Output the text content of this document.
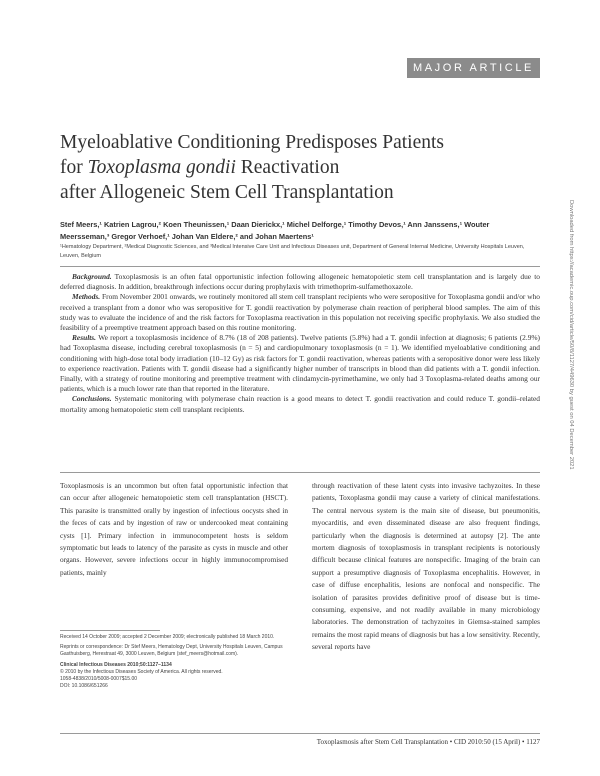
MAJOR ARTICLE
Myeloablative Conditioning Predisposes Patients
for Toxoplasma gondii Reactivation
after Allogeneic Stem Cell Transplantation
Stef Meers,¹ Katrien Lagrou,² Koen Theunissen,¹ Daan Dierickx,¹ Michel Delforge,¹ Timothy Devos,¹ Ann Janssens,¹ Wouter Meersseman,³ Gregor Verhoef,¹ Johan Van Eldere,² and Johan Maertens¹
¹Hematology Department, ²Medical Diagnostic Sciences, and ³Medical Intensive Care Unit and Infectious Diseases unit, Department of General Internal Medicine, University Hospitals Leuven, Leuven, Belgium

Background. Toxoplasmosis is an often fatal opportunistic infection following allogeneic hematopoietic stem cell transplantation and is largely due to deferred diagnosis. In addition, breakthrough infections occur during prophylaxis with trimethoprim-sulfamethoxazole.

Methods. From November 2001 onwards, we routinely monitored all stem cell transplant recipients who were seropositive for Toxoplasma gondii and/or who received a transplant from a donor who was seropositive for T. gondii reactivation by polymerase chain reaction of peripheral blood samples. The aim of this study was to evaluate the incidence of and the risk factors for Toxoplasma reactivation in this population not receiving specific prophylaxis. We also studied the feasibility of a preemptive treatment approach based on this routine monitoring.

Results. We report a toxoplasmosis incidence of 8.7% (18 of 208 patients). Twelve patients (5.8%) had a T. gondii infection at diagnosis; 6 patients (2.9%) had Toxoplasma disease, including cerebral toxoplasmosis (n = 5) and cardiopulmonary toxoplasmosis (n = 1). We identified myeloablative conditioning and conditioning with high-dose total body irradiation (10–12 Gy) as risk factors for T. gondii reactivation, whereas patients with a seropositive donor were less likely to experience reactivation. Patients with T. gondii disease had a significantly higher number of transcripts in blood than did patients with a T. gondii infection. Finally, with a strategy of routine monitoring and preemptive treatment with clindamycin-pyrimethamine, we only had 3 Toxoplasma-related deaths among our patients, which is a much lower rate than that reported in the literature.

Conclusions. Systematic monitoring with polymerase chain reaction is a good means to detect T. gondii reactivation and could reduce T. gondii–related mortality among hematopoietic stem cell transplant recipients.

Toxoplasmosis is an uncommon but often fatal opportunistic infection that can occur after allogeneic hematopoietic stem cell transplantation (HSCT). This parasite is transmitted orally by ingestion of infectious oocysts shed in the feces of cats and by ingestion of raw or undercooked meat containing cysts [1]. Primary infection in immunocompetent hosts is seldom symptomatic but leads to latency of the parasite as cysts in muscle and other organs. However, severe infections occur in highly immunocompromised patients, mainly

through reactivation of these latent cysts into invasive tachyzoites. In these patients, Toxoplasma gondii may cause a variety of clinical manifestations. The central nervous system is the main site of disease, but pneumonitis, myocarditis, and even disseminated disease are also frequent findings, particularly when the diagnosis is determined at autopsy [2]. The ante mortem diagnosis of toxoplasmosis in transplant recipients is notoriously difficult because clinical features are nonspecific. Imaging of the brain can support a presumptive diagnosis of Toxoplasma encephalitis. However, in case of diffuse encephalitis, lesions are nonfocal and nonspecific. The isolation of parasites provides definitive proof of disease but is time-consuming, expensive, and not readily available in many microbiology laboratories. The demonstration of tachyzoites in Giemsa-stained samples remains the most rapid means of diagnosis but has a low sensitivity. Recently, several reports have

Received 14 October 2009; accepted 2 December 2009; electronically published 18 March 2010.

Reprints or correspondence: Dr Stef Meers, Hematology Dept, University Hospitals Leuven, Campus Gasthuisberg, Herestraat 49, 3000 Leuven, Belgium (stef_meers@hotmail.com).

Clinical Infectious Diseases 2010;50:1127–1134

© 2010 by the Infectious Diseases Society of America. All rights reserved.

1058-4838/2010/5008-0007$15.00

DOI: 10.1086/651266

Toxoplasmosis after Stem Cell Transplantation • CID 2010:50 (15 April) • 1127
Downloaded from https://academic.oup.com/cid/article/50/8/1127/449630 by guest on 04 December 2021
